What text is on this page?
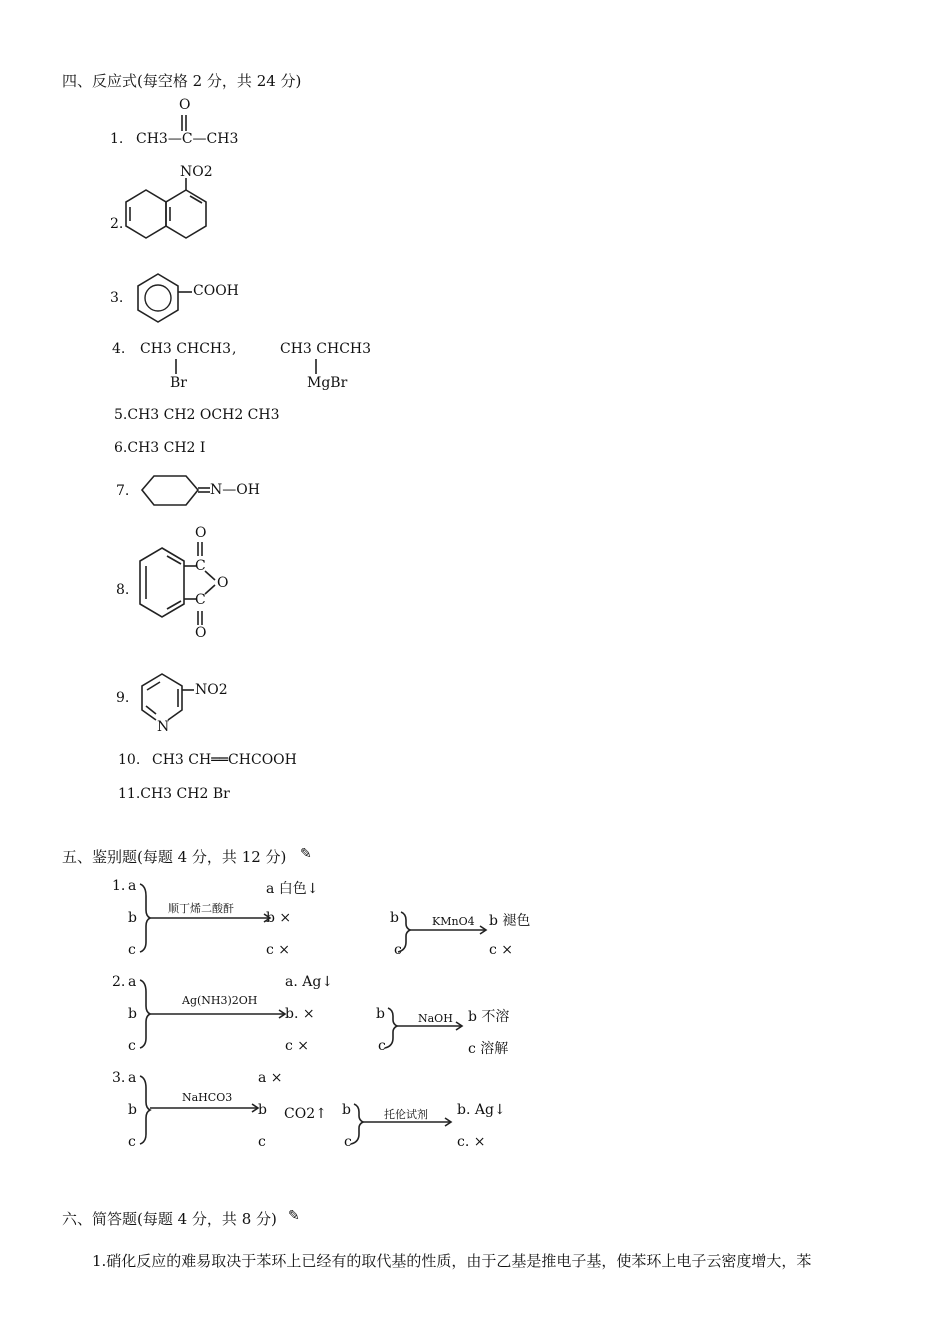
四、反应式(每空格 2 分，共 24 分)
1. CH3—C—CH3
O
2.
NO2
3.	COOH
4. CH3 CHCH3
Br
,	CH3 CHCH3
MgBr
5.CH3 CH2 OCH2 CH3
6.CH3 CH2 I
7.	N—OH
8.
O
C
O
C
O
9.
N
NO2
10. CH3 CH══CHCOOH
11.CH3 CH2 Br
五、鉴别题(每题 4 分，共 12 分) ✎
1. a
b
c
顺丁烯二酸酐
a 白色↓
b ×
c ×
b
c
KMnO4 b 褪色
c ×
2. a
b
c
Ag(NH3)2OH
a. Ag↓
b. ×
c ×
b
c
NaOH b 不溶
c 溶解
3. a
b
c
NaHCO3
a ×
b CO2↑
c
b
c
托伦试剂 b. Ag↓
c. ×
六、简答题(每题 4 分，共 8 分) ✎
1.硝化反应的难易取决于苯环上已经有的取代基的性质，由于乙基是推电子基，使苯环上电子云密度增大，苯
